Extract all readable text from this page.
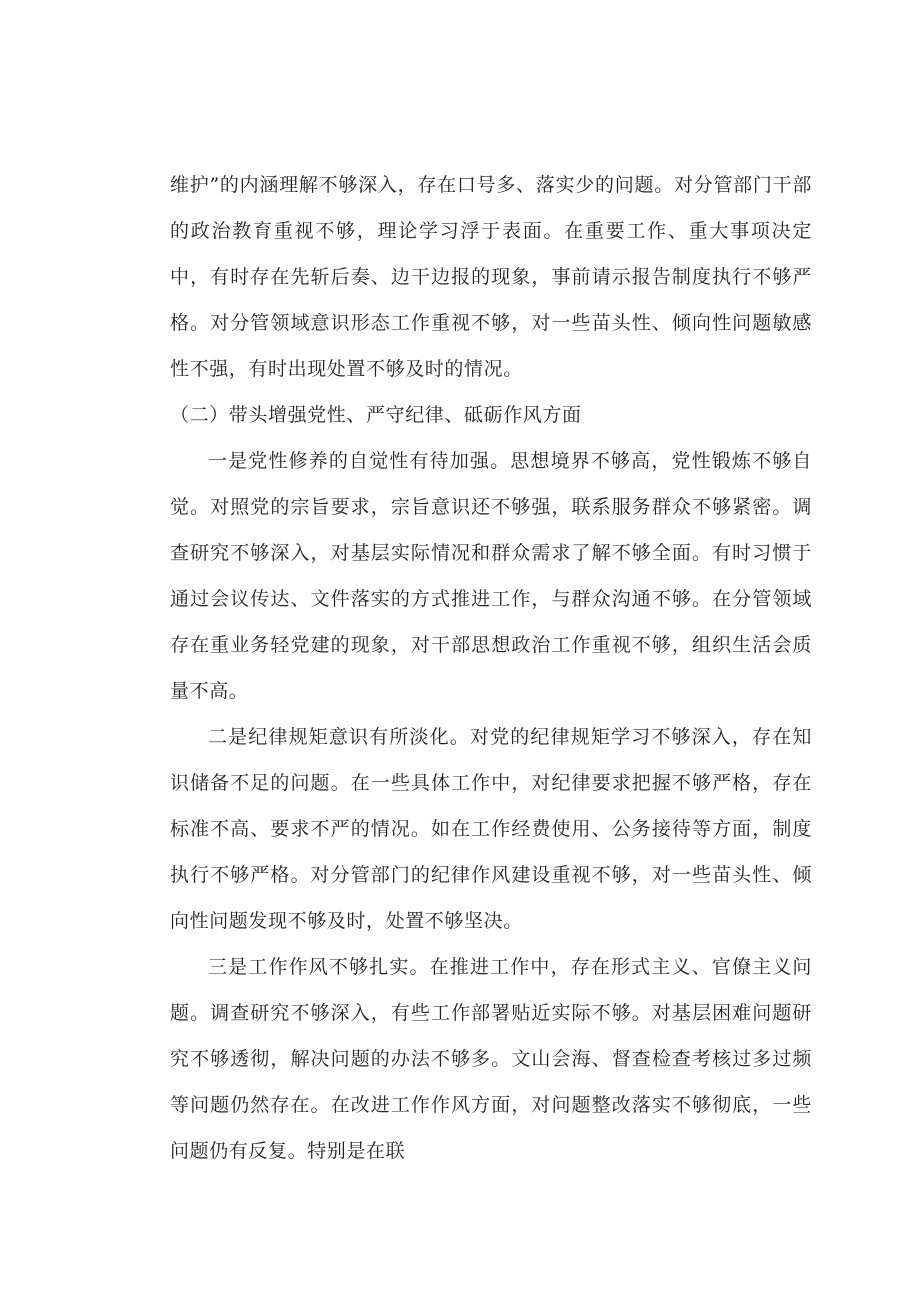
维护”的内涵理解不够深入，存在口号多、落实少的问题。对分管部门干部的政治教育重视不够，理论学习浮于表面。在重要工作、重大事项决定中，有时存在先斩后奏、边干边报的现象，事前请示报告制度执行不够严格。对分管领域意识形态工作重视不够，对一些苗头性、倾向性问题敏感性不强，有时出现处置不够及时的情况。

（二）带头增强党性、严守纪律、砥砺作风方面

一是党性修养的自觉性有待加强。思想境界不够高，党性锻炼不够自觉。对照党的宗旨要求，宗旨意识还不够强，联系服务群众不够紧密。调查研究不够深入，对基层实际情况和群众需求了解不够全面。有时习惯于通过会议传达、文件落实的方式推进工作，与群众沟通不够。在分管领域存在重业务轻党建的现象，对干部思想政治工作重视不够，组织生活会质量不高。

二是纪律规矩意识有所淡化。对党的纪律规矩学习不够深入，存在知识储备不足的问题。在一些具体工作中，对纪律要求把握不够严格，存在标准不高、要求不严的情况。如在工作经费使用、公务接待等方面，制度执行不够严格。对分管部门的纪律作风建设重视不够，对一些苗头性、倾向性问题发现不够及时，处置不够坚决。

三是工作作风不够扎实。在推进工作中，存在形式主义、官僚主义问题。调查研究不够深入，有些工作部署贴近实际不够。对基层困难问题研究不够透彻，解决问题的办法不够多。文山会海、督查检查考核过多过频等问题仍然存在。在改进工作作风方面，对问题整改落实不够彻底，一些问题仍有反复。特别是在联
